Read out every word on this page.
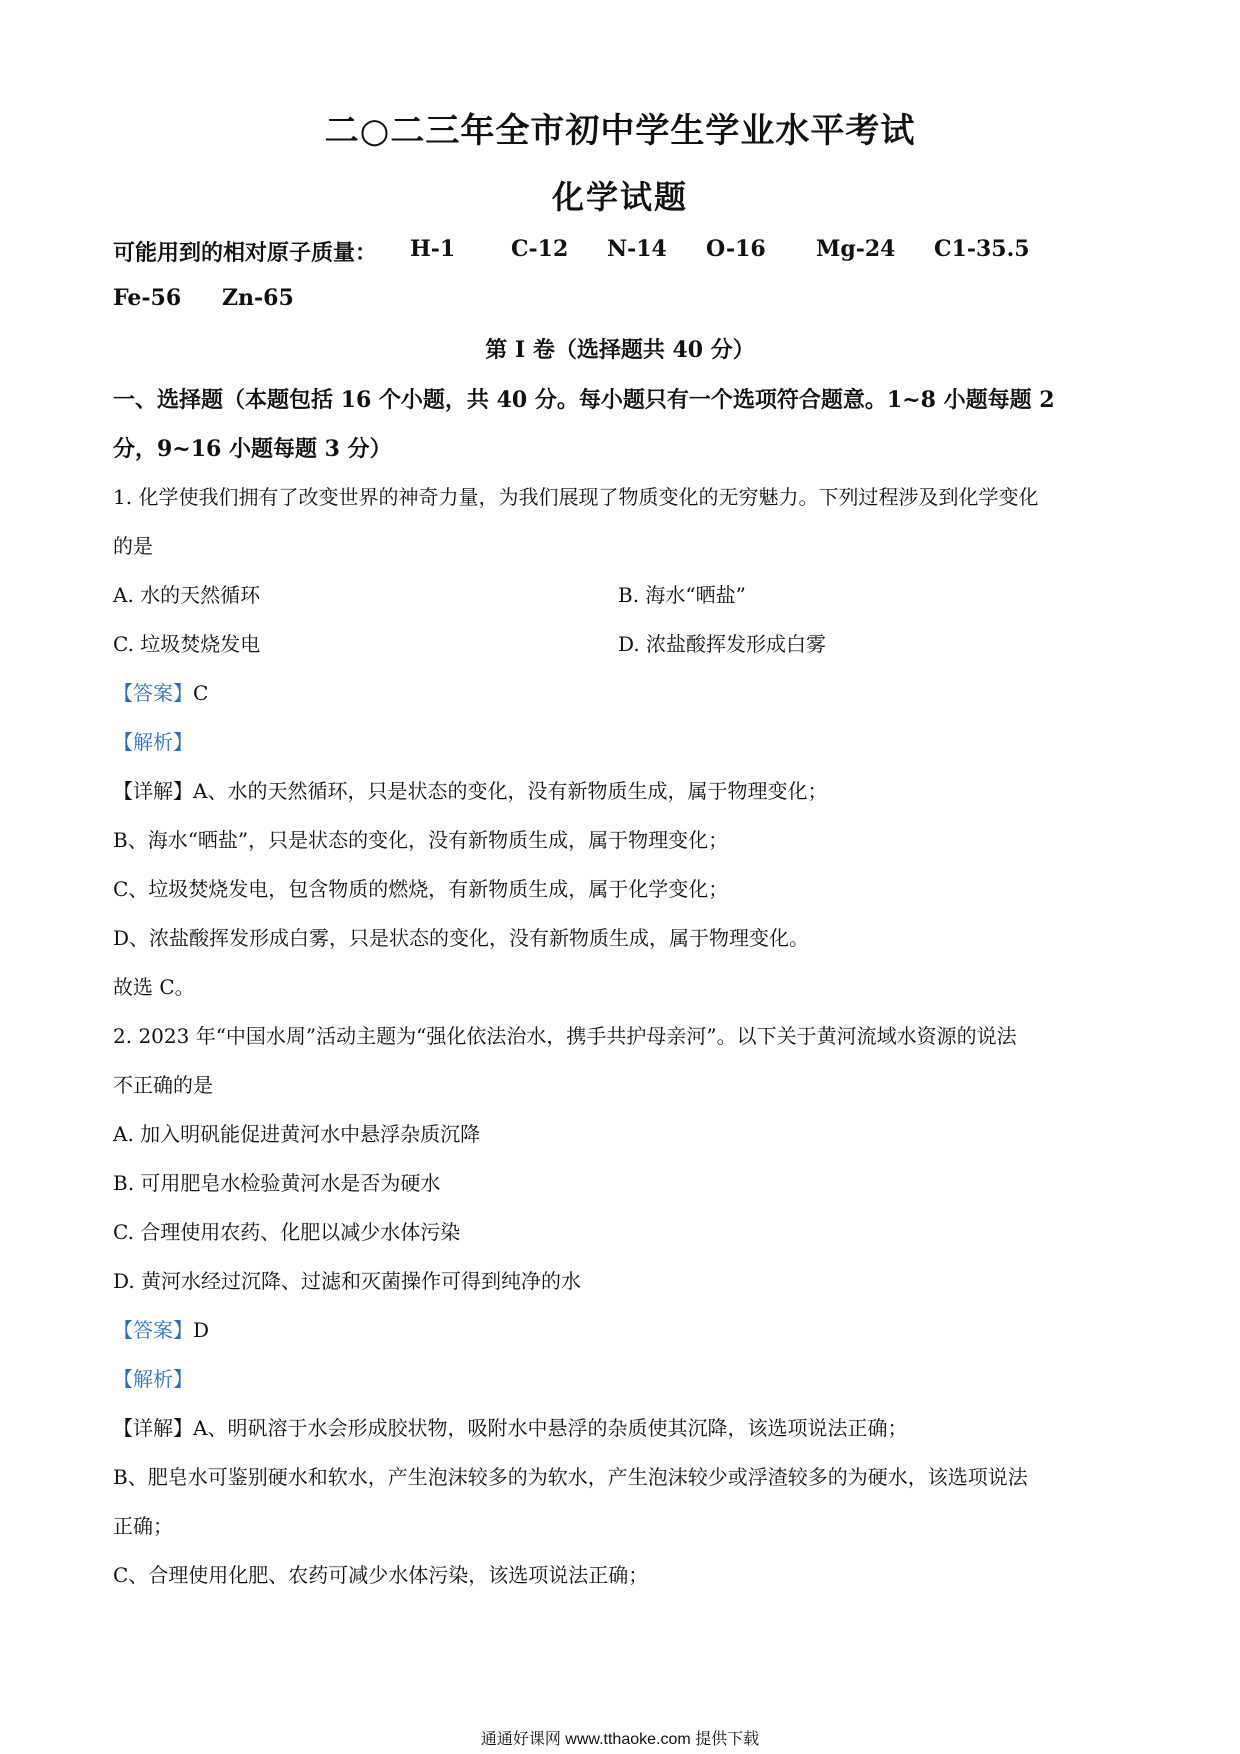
二○二三年全市初中学生学业水平考试
化学试题
可能用到的相对原子质量： H-1	C-12 N-14 O-16 Mg-24 C1-35.5
Fe-56 Zn-65
第 I 卷（选择题共 40 分）
一、选择题（本题包括 16 个小题，共 40 分。每小题只有一个选项符合题意。1~8 小题每题 2
分，9~16 小题每题 3 分）
1. 化学使我们拥有了改变世界的神奇力量，为我们展现了物质变化的无穷魅力。下列过程涉及到化学变化
的是
A. 水的天然循环	B. 海水“晒盐”
C. 垃圾焚烧发电	D. 浓盐酸挥发形成白雾
【答案】C
【解析】
【详解】A、水的天然循环，只是状态的变化，没有新物质生成，属于物理变化；
B、海水“晒盐”，只是状态的变化，没有新物质生成，属于物理变化；
C、垃圾焚烧发电，包含物质的燃烧，有新物质生成，属于化学变化；
D、浓盐酸挥发形成白雾，只是状态的变化，没有新物质生成，属于物理变化。
故选 C。
2. 2023 年“中国水周”活动主题为“强化依法治水，携手共护母亲河”。以下关于黄河流域水资源的说法
不正确的是
A. 加入明矾能促进黄河水中悬浮杂质沉降
B. 可用肥皂水检验黄河水是否为硬水
C. 合理使用农药、化肥以减少水体污染
D. 黄河水经过沉降、过滤和灭菌操作可得到纯净的水
【答案】D
【解析】
【详解】A、明矾溶于水会形成胶状物，吸附水中悬浮的杂质使其沉降，该选项说法正确；
B、肥皂水可鉴别硬水和软水，产生泡沫较多的为软水，产生泡沫较少或浮渣较多的为硬水，该选项说法
正确；
C、合理使用化肥、农药可减少水体污染，该选项说法正确；
通通好课网 www.tthaoke.com 提供下载
